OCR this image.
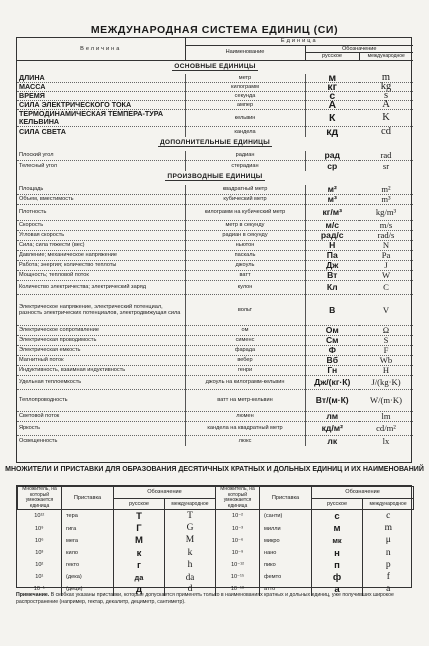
МЕЖДУНАРОДНАЯ СИСТЕМА ЕДИНИЦ (СИ)
Величина	Единица		
	Наименование	Обозначение	
		русское	международное
ОСНОВНЫЕ ЕДИНИЦЫ			
ДЛИНА	метр	м	m
МАССА	килограмм	кг	kg
ВРЕМЯ	секунда	с	s
СИЛА ЭЛЕКТРИЧЕСКОГО ТОКА	ампер	А	A
ТЕРМОДИНАМИЧЕСКАЯ ТЕМПЕРА-ТУРА КЕЛЬВИНА	кельвин	К	K
СИЛА СВЕТА	кандела	кд	cd
ДОПОЛНИТЕЛЬНЫЕ ЕДИНИЦЫ			
Плоский угол	радиан	рад	rad
Телесный угол	стерадиан	ср	sr
ПРОИЗВОДНЫЕ ЕДИНИЦЫ			
Площадь	квадратный метр	м²	m²
Объем, вместимость	кубический метр	м³	m³
Плотность	килограмм на кубический метр	кг/м³	kg/m³
Скорость	метр в секунду	м/с	m/s
Угловая скорость	радиан в секунду	рад/с	rad/s
Сила; сила тяжести (вес)	ньютон	Н	N
Давление; механическое напряжение	паскаль	Па	Pa
Работа; энергия; количество теплоты	джоуль	Дж	J
Мощность; тепловой поток	ватт	Вт	W
Количество электричества; электрический заряд	кулон	Кл	C
Электрическое напряжение, электрический потенциал, разность электрических потенциалов, электродвижущая сила	вольт	В	V
Электрическое сопротивление	ом	Ом	Ω
Электрическая проводимость	сименс	См	S
Электрическая емкость	фарада	Ф	F
Магнитный поток	вебер	Вб	Wb
Индуктивность, взаимная индуктивность	генри	Гн	H
Удельная теплоемкость	джоуль на килограмм-кельвин	Дж/(кг·К)	J/(kg·K)
Теплопроводность	ватт на метр-кельвин	Вт/(м·К)	W/(m·K)
Световой поток	люмен	лм	lm
Яркость	кандела на квадратный метр	кд/м²	cd/m²
Освещенность	люкс	лк	lx
МНОЖИТЕЛИ И ПРИСТАВКИ ДЛЯ ОБРАЗОВАНИЯ ДЕСЯТИЧНЫХ КРАТНЫХ И ДОЛЬНЫХ ЕДИНИЦ И ИХ НАИМЕНОВАНИЙ
Множитель, на который умножается единица	Приставка	Обозначение		Множитель, на который умножается единица	Приставка	Обозначение	
		русское	международное			русское	международное
10¹²	тера	Т	T	10⁻²	(санти)	с	c
10⁹	гига	Г	G	10⁻³	милли	м	m
10⁶	мега	М	M	10⁻⁶	микро	мк	μ
10³	кило	к	k	10⁻⁹	нано	н	n
10²	гекто	г	h	10⁻¹²	пико	п	p
10¹	(дека)	да	da	10⁻¹⁵	фемто	ф	f
10⁻¹	(деци)	д	d	10⁻¹⁸	атто	а	a
Примечание. В скобках указаны приставки, которые допускается применять только в наименованиях кратных и дольных единиц, уже получивших широкое распространение (например, гектар, декалитр, дециметр, сантиметр).
